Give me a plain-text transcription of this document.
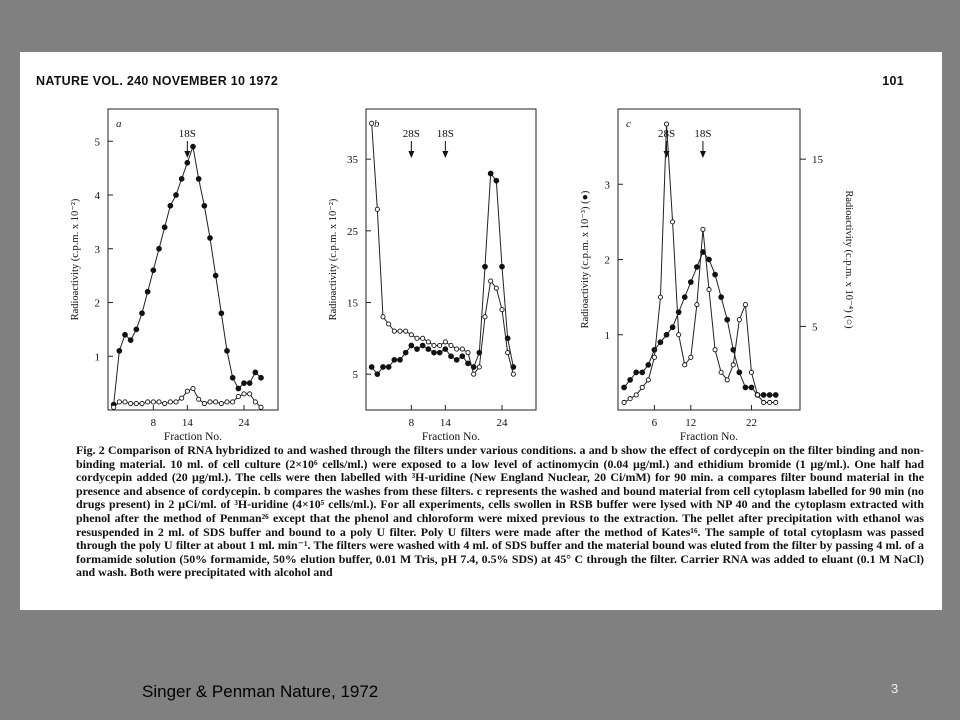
NATURE VOL. 240 NOVEMBER 10 1972	101
a
8 14	24
1
2
3
4
5
Fraction No.
Radioactivity (c.p.m. x 10⁻²)
18S
b
8 14	24
5
15
25
35
Fraction No.
Radioactivity (c.p.m. x 10⁻²)
28S 18S
c
6	12	22
1
2
3
5
15
Radioactivity (c.p.m. x 10⁻⁴) (○)
Fraction No.
Radioactivity (c.p.m. x 10⁻³) (●)
28S 18S
Fig. 2 Comparison of RNA hybridized to and washed through the filters under various conditions. a and b show the effect of cordycepin on the filter binding and non-binding material. 10 ml. of cell culture (2×10⁶ cells/ml.) were exposed to a low level of actinomycin (0.04 µg/ml.) and ethidium bromide (1 µg/ml.). One half had cordycepin added (20 µg/ml.). The cells were then labelled with ³H-uridine (New England Nuclear, 20 Ci/mM) for 90 min. a compares filter bound material in the presence and absence of cordycepin. b compares the washes from these filters. c represents the washed and bound material from cell cytoplasm labelled for 90 min (no drugs present) in 2 µCi/ml. of ³H-uridine (4×10⁵ cells/ml.). For all experiments, cells swollen in RSB buffer were lysed with NP 40 and the cytoplasm extracted with phenol after the method of Penman²⁶ except that the phenol and chloroform were mixed previous to the extraction. The pellet after precipitation with ethanol was resuspended in 2 ml. of SDS buffer and bound to a poly U filter. Poly U filters were made after the method of Kates¹⁶. The sample of total cytoplasm was passed through the poly U filter at about 1 ml. min⁻¹. The filters were washed with 4 ml. of SDS buffer and the material bound was eluted from the filter by passing 4 ml. of a formamide solution (50% formamide, 50% elution buffer, 0.01 M Tris, pH 7.4, 0.5% SDS) at 45° C through the filter. Carrier RNA was added to eluant (0.1 M NaCl) and wash. Both were precipitated with alcohol and
Singer & Penman Nature, 1972	3
